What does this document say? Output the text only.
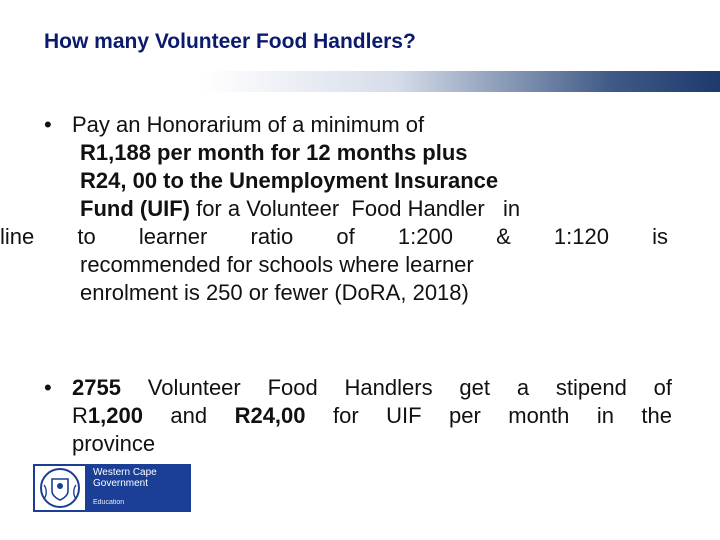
How many Volunteer Food Handlers?
• Pay an Honorarium of a minimum of
R1,188 per month for 12 months plus
R24, 00 to the Unemployment Insurance
Fund (UIF) for a Volunteer  Food Handler   in
line to learner ratio of 1:200 & 1:120 is
recommended for schools where learner
enrolment is 250 or fewer (DoRA, 2018)
• 2755 Volunteer Food Handlers get a stipend of
R1,200 and R24,00 for UIF per month in the
province
Western Cape
Government
Education
